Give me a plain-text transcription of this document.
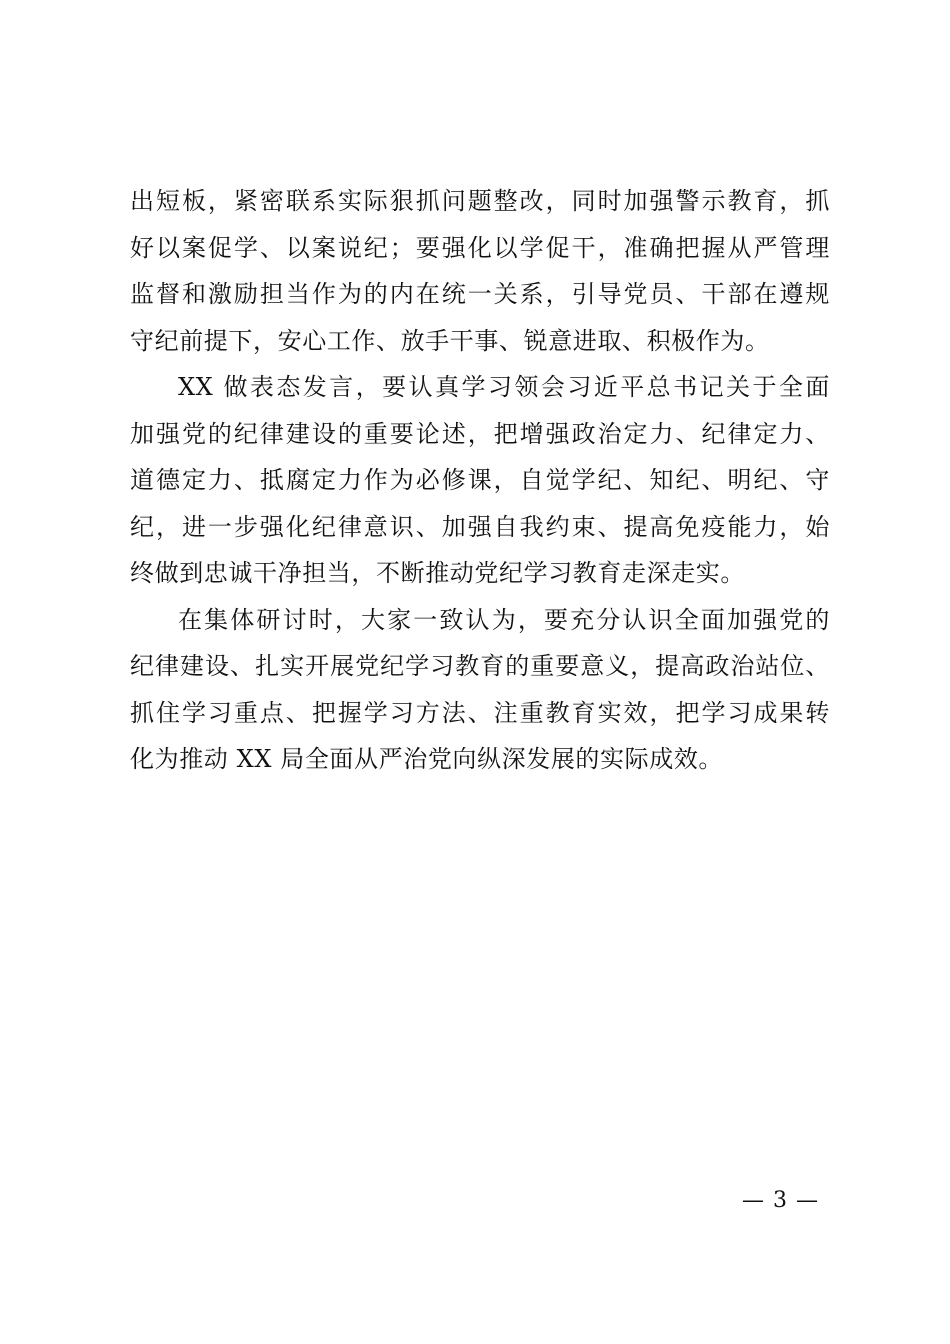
出短板，紧密联系实际狠抓问题整改，同时加强警示教育，抓
好以案促学、以案说纪；要强化以学促干，准确把握从严管理
监督和激励担当作为的内在统一关系，引导党员、干部在遵规
守纪前提下，安心工作、放手干事、锐意进取、积极作为。
XX 做表态发言，要认真学习领会习近平总书记关于全面
加强党的纪律建设的重要论述，把增强政治定力、纪律定力、
道德定力、抵腐定力作为必修课，自觉学纪、知纪、明纪、守
纪，进一步强化纪律意识、加强自我约束、提高免疫能力，始
终做到忠诚干净担当，不断推动党纪学习教育走深走实。
在集体研讨时，大家一致认为，要充分认识全面加强党的
纪律建设、扎实开展党纪学习教育的重要意义，提高政治站位、
抓住学习重点、把握学习方法、注重教育实效，把学习成果转
化为推动 XX 局全面从严治党向纵深发展的实际成效。
— 3 —
